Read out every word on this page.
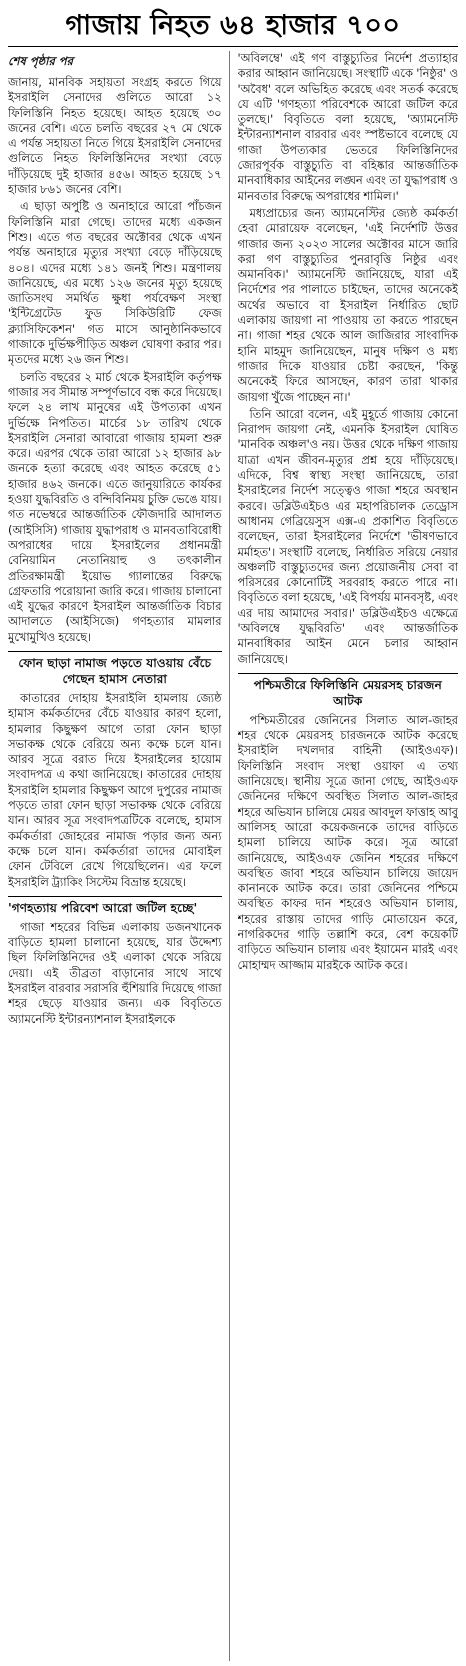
গাজায় নিহত ৬৪ হাজার ৭০০
শেষ পৃষ্ঠার পর

জানায়, মানবিক সহায়তা সংগ্রহ করতে গিয়ে ইসরাইলি সেনাদের গুলিতে আরো ১২ ফিলিস্তিনি নিহত হয়েছে। আহত হয়েছে ৩০ জনের বেশি। এতে চলতি বছরের ২৭ মে থেকে এ পর্যন্ত সহায়তা নিতে গিয়ে ইসরাইলি সেনাদের গুলিতে নিহত ফিলিস্তিনিদের সংখ্যা বেড়ে দাঁড়িয়েছে দুই হাজার ৪৫৬। আহত হয়েছে ১৭ হাজার ৮৬১ জনের বেশি।

এ ছাড়া অপুষ্টি ও অনাহারে আরো পাঁচজন ফিলিস্তিনি মারা গেছে। তাদের মধ্যে একজন শিশু। এতে গত বছরের অক্টোবর থেকে এখন পর্যন্ত অনাহারে মৃত্যুর সংখ্যা বেড়ে দাঁড়িয়েছে ৪০৪। এদের মধ্যে ১৪১ জনই শিশু। মন্ত্রণালয় জানিয়েছে, এর মধ্যে ১২৬ জনের মৃত্যু হয়েছে জাতিসংঘ সমর্থিত ক্ষুধা পর্যবেক্ষণ সংস্থা 'ইন্টিগ্রেটেড ফুড সিকিউরিটি ফেজ ক্ল্যাসিফিকেশন' গত মাসে আনুষ্ঠানিকভাবে গাজাকে দুর্ভিক্ষপীড়িত অঞ্চল ঘোষণা করার পর। মৃতদের মধ্যে ২৬ জন শিশু।

চলতি বছরের ২ মার্চ থেকে ইসরাইলি কর্তৃপক্ষ গাজার সব সীমান্ত সম্পূর্ণভাবে বন্ধ করে দিয়েছে। ফলে ২৪ লাখ মানুষের এই উপত্যকা এখন দুর্ভিক্ষে নিপতিত। মার্চের ১৮ তারিখ থেকে ইসরাইলি সেনারা আবারো গাজায় হামলা শুরু করে। এরপর থেকে তারা আরো ১২ হাজার ৯৮ জনকে হত্যা করেছে এবং আহত করেছে ৫১ হাজার ৪৬২ জনকে। এতে জানুয়ারিতে কার্যকর হওয়া যুদ্ধবিরতি ও বন্দিবিনিময় চুক্তি ভেঙে যায়। গত নভেম্বরে আন্তর্জাতিক ফৌজদারি আদালত (আইসিসি) গাজায় যুদ্ধাপরাধ ও মানবতাবিরোধী অপরাধের দায়ে ইসরাইলের প্রধানমন্ত্রী বেনিয়ামিন নেতানিয়াহু ও তৎকালীন প্রতিরক্ষামন্ত্রী ইয়োভ গ্যালান্তের বিরুদ্ধে গ্রেফতারি পরোয়ানা জারি করে। গাজায় চালানো এই যুদ্ধের কারণে ইসরাইল আন্তর্জাতিক বিচার আদালতে (আইসিজে) গণহত্যার মামলার মুখোমুখিও হয়েছে।

ফোন ছাড়া নামাজ পড়তে যাওয়ায় বেঁচে গেছেন হামাস নেতারা

কাতারের দোহায় ইসরাইলি হামলায় জ্যেষ্ঠ হামাস কর্মকর্তাদের বেঁচে যাওয়ার কারণ হলো, হামলার কিছুক্ষণ আগে তারা ফোন ছাড়া সভাকক্ষ থেকে বেরিয়ে অন্য কক্ষে চলে যান। আরব সূত্রে বরাত দিয়ে ইসরাইলের হায়োম সংবাদপত্র এ কথা জানিয়েছে। কাতারের দোহায় ইসরাইলি হামলার কিছুক্ষণ আগে দুপুরের নামাজ পড়তে তারা ফোন ছাড়া সভাকক্ষ থেকে বেরিয়ে যান। আরব সূত্র সংবাদপত্রটিকে বলেছে, হামাস কর্মকর্তারা জোহরের নামাজ পড়ার জন্য অন্য কক্ষে চলে যান। কর্মকর্তারা তাদের মোবাইল ফোন টেবিলে রেখে গিয়েছিলেন। এর ফলে ইসরাইলি ট্র্যাকিং সিস্টেম বিভ্রান্ত হয়েছে।

'গণহত্যায় পরিবেশ আরো জটিল হচ্ছে'

গাজা শহরের বিভিন্ন এলাকায় ডজনখানেক বাড়িতে হামলা চালানো হয়েছে, যার উদ্দেশ্য ছিল ফিলিস্তিনিদের ওই এলাকা থেকে সরিয়ে দেয়া। এই তীব্রতা বাড়ানোর সাথে সাথে ইসরাইল বারবার সরাসরি হুঁশিয়ারি দিয়েছে গাজা শহর ছেড়ে যাওয়ার জন্য। এক বিবৃতিতে অ্যামনেস্টি ইন্টারন্যাশনাল ইসরাইলকে

'অবিলম্বে' এই গণ বাস্তুচ্যুতির নির্দেশ প্রত্যাহার করার আহ্বান জানিয়েছে। সংস্থাটি একে 'নিষ্ঠুর' ও 'অবৈধ' বলে অভিহিত করেছে এবং সতর্ক করেছে যে এটি 'গণহত্যা পরিবেশকে আরো জটিল করে তুলছে।' বিবৃতিতে বলা হয়েছে, 'অ্যামনেস্টি ইন্টারন্যাশনাল বারবার এবং স্পষ্টভাবে বলেছে যে গাজা উপত্যকার ভেতরে ফিলিস্তিনিদের জোরপূর্বক বাস্তুচ্যুতি বা বহিষ্কার আন্তর্জাতিক মানবাধিকার আইনের লঙ্ঘন এবং তা যুদ্ধাপরাধ ও মানবতার বিরুদ্ধে অপরাধের শামিল।'

মধ্যপ্রাচ্যের জন্য অ্যামনেস্টির জ্যেষ্ঠ কর্মকর্তা হেবা মোরায়েফ বলেছেন, 'এই নির্দেশটি উত্তর গাজার জন্য ২০২৩ সালের অক্টোবর মাসে জারি করা গণ বাস্তুচ্যুতির পুনরাবৃত্তি নিষ্ঠুর এবং অমানবিক।' অ্যামনেস্টি জানিয়েছে, যারা এই নির্দেশের পর পালাতে চাইছেন, তাদের অনেকেই অর্থের অভাবে বা ইসরাইল নির্ধারিত ছোট এলাকায় জায়গা না পাওয়ায় তা করতে পারছেন না। গাজা শহর থেকে আল জাজিরার সাংবাদিক হানি মাহমুদ জানিয়েছেন, মানুষ দক্ষিণ ও মধ্য গাজার দিকে যাওয়ার চেষ্টা করছেন, 'কিন্তু অনেকেই ফিরে আসছেন, কারণ তারা থাকার জায়গা খুঁজে পাচ্ছেন না।'

তিনি আরো বলেন, এই মুহূর্তে গাজায় কোনো নিরাপদ জায়গা নেই, এমনকি ইসরাইল ঘোষিত 'মানবিক অঞ্চল'ও নয়। উত্তর থেকে দক্ষিণ গাজায় যাত্রা এখন জীবন-মৃত্যুর প্রশ্ন হয়ে দাঁড়িয়েছে। এদিকে, বিশ্ব স্বাস্থ্য সংস্থা জানিয়েছে, তারা ইসরাইলের নির্দেশ সত্ত্বেও গাজা শহরে অবস্থান করবে। ডব্লিউএইচও এর মহাপরিচালক তেড্রোস আধানম গেব্রিয়েসুস এক্স-এ প্রকাশিত বিবৃতিতে বলেছেন, তারা ইসরাইলের নির্দেশে 'ভীষণভাবে মর্মাহত'। সংস্থাটি বলেছে, নির্ধারিত সরিয়ে নেয়ার অঞ্চলটি বাস্তুচ্যুতদের জন্য প্রয়োজনীয় সেবা বা পরিসরের কোনোটিই সরবরাহ করতে পারে না। বিবৃতিতে বলা হয়েছে, 'এই বিপর্যয় মানবসৃষ্ট, এবং এর দায় আমাদের সবার।' ডব্লিউএইচও এক্ষেত্রে 'অবিলম্বে যুদ্ধবিরতি' এবং আন্তর্জাতিক মানবাধিকার আইন মেনে চলার আহ্বান জানিয়েছে।

পশ্চিমতীরে ফিলিস্তিনি মেয়রসহ চারজন আটক

পশ্চিমতীরের জেনিনের সিলাত আল-জাহর শহর থেকে মেয়রসহ চারজনকে আটক করেছে ইসরাইলি দখলদার বাহিনী (আইওএফ)। ফিলিস্তিনি সংবাদ সংস্থা ওয়াফা এ তথ্য জানিয়েছে। স্থানীয় সূত্রে জানা গেছে, আইওএফ জেনিনের দক্ষিণে অবস্থিত সিলাত আল-জাহর শহরে অভিযান চালিয়ে মেয়র আবদুল ফাত্তাহ আবু আলিসহ আরো কয়েকজনকে তাদের বাড়িতে হামলা চালিয়ে আটক করে। সূত্র আরো জানিয়েছে, আইওএফ জেনিন শহরের দক্ষিণে অবস্থিত জাবা শহরে অভিযান চালিয়ে জায়েদ কানানকে আটক করে। তারা জেনিনের পশ্চিমে অবস্থিত কাফর দান শহরেও অভিযান চালায়, শহরের রাস্তায় তাদের গাড়ি মোতায়েন করে, নাগরিকদের গাড়ি তল্লাশি করে, বেশ কয়েকটি বাড়িতে অভিযান চালায় এবং ইয়ামেন মারই এবং মোহাম্মদ আজ্জাম মারইকে আটক করে।
